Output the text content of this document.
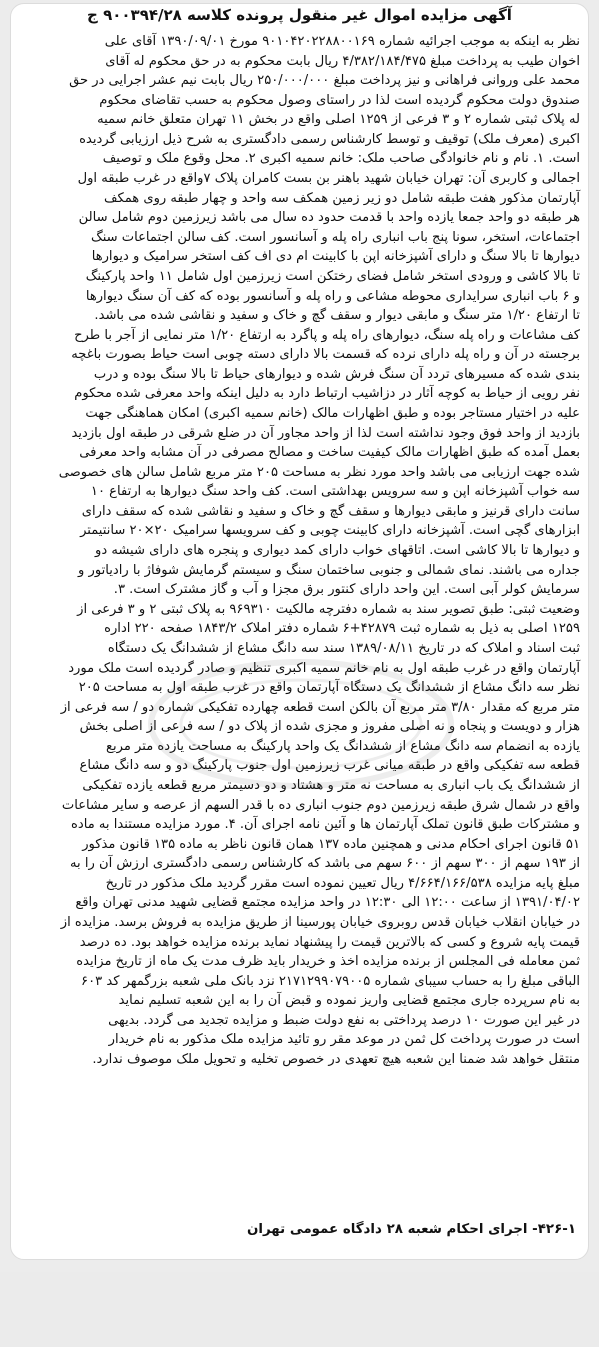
آگهی مزایده اموال غیر منقول پرونده کلاسه ۹۰۰۳۹۴/۲۸ ج
نظر به اینکه به موجب اجرائیه شماره ۹۰۱۰۴۲۰۲۲۸۸۰۰۱۶۹ مورخ ۱۳۹۰/۰۹/۰۱ آقای علی
اخوان طیب به پرداخت مبلغ ۴/۳۸۲/۱۸۴/۴۷۵ ریال بابت محکوم به در حق محکوم له آقای
محمد علی وروانی فراهانی و نیز پرداخت مبلغ ۲۵۰/۰۰۰/۰۰۰ ریال بابت نیم عشر اجرایی در حق
صندوق دولت محکوم گردیده است لذا در راستای وصول محکوم به حسب تقاضای محکوم
له پلاک ثبتی شماره ۲ و ۳ فرعی از ۱۲۵۹ اصلی واقع در بخش ۱۱ تهران متعلق خانم سمیه
اکبری (معرف ملک) توقیف و توسط کارشناس رسمی دادگستری به شرح ذیل ارزیابی گردیده
است. ۱. نام و نام خانوادگی صاحب ملک: خانم سمیه اکبری ۲. محل وقوع ملک و توصیف
اجمالی و کاربری آن: تهران خیابان شهید باهنر بن بست کامران پلاک ۷واقع در غرب طبقه اول
آپارتمان مذکور هفت طبقه شامل دو زیر زمین همکف سه واحد و چهار طبقه روی همکف
هر طبقه دو واحد جمعا یازده واحد با قدمت حدود ده سال می باشد زیرزمین دوم شامل سالن
اجتماعات، استخر، سونا پنج باب انباری راه پله و آسانسور است. کف سالن اجتماعات سنگ
دیوارها تا بالا سنگ و دارای آشپزخانه اپن با کابینت ام دی اف کف استخر سرامیک و دیوارها
تا بالا کاشی و ورودی استخر شامل فضای رختکن است زیرزمین اول شامل ۱۱ واحد پارکینگ
و ۶ باب انباری سرایداری محوطه مشاعی و راه پله و آسانسور بوده که کف آن سنگ دیوارها
تا ارتفاع ۱/۲۰ متر سنگ و مابقی دیوار و سقف گچ و خاک و سفید و نقاشی شده می باشد.
کف مشاعات و راه پله سنگ، دیوارهای راه پله و پاگرد به ارتفاع ۱/۲۰ متر نمایی از آجر با طرح
برجسته در آن و راه پله دارای نرده که قسمت بالا دارای دسته چوبی است حیاط بصورت باغچه
بندی شده که مسیرهای تردد آن سنگ فرش شده و دیوارهای حیاط تا بالا سنگ بوده و درب
نفر رویی از حیاط به کوچه آثار در دزاشیب ارتباط دارد به دلیل اینکه واحد معرفی شده محکوم
علیه در اختیار مستاجر بوده و طبق اظهارات مالک (خانم سمیه اکبری) امکان هماهنگی جهت
بازدید از واحد فوق وجود نداشته است لذا از واحد مجاور آن در ضلع شرقی در طبقه اول بازدید
بعمل آمده که طبق اظهارات مالک کیفیت ساخت و مصالح مصرفی در آن مشابه واحد معرفی
شده جهت ارزیابی می باشد واحد مورد نظر به مساحت ۲۰۵ متر مربع شامل سالن های خصوصی
سه خواب آشپزخانه اپن و سه سرویس بهداشتی است. کف واحد سنگ دیوارها به ارتفاع ۱۰
سانت دارای قرنیز و مابقی دیوارها و سقف گچ و خاک و سفید و نقاشی شده که سقف دارای
ابزارهای گچی است. آشپزخانه دارای کابینت چوبی و کف سرویسها سرامیک ۲۰×۲۰ سانتیمتر
و دیوارها تا بالا کاشی است. اتاقهای خواب دارای کمد دیواری و پنجره های دارای شیشه دو
جداره می باشند. نمای شمالی و جنوبی ساختمان سنگ و سیستم گرمایش شوفاژ با رادیاتور و
سرمایش کولر آبی است. این واحد دارای کنتور برق مجزا و آب و گاز مشترک است. ۳.
وضعیت ثبتی: طبق تصویر سند به شماره دفترچه مالکیت ۹۶۹۳۱۰ به پلاک ثبتی ۲ و ۳ فرعی از
۱۲۵۹ اصلی به ذیل به شماره ثبت ۴۲۸۷۹+۶ شماره دفتر املاک ۱۸۴۳/۲ صفحه ۲۲۰ اداره
ثبت اسناد و املاک که در تاریخ ۱۳۸۹/۰۸/۱۱ سند سه دانگ مشاع از ششدانگ یک دستگاه
آپارتمان واقع در غرب طبقه اول به نام خانم سمیه اکبری تنظیم و صادر گردیده است ملک مورد
نظر سه دانگ مشاع از ششدانگ یک دستگاه آپارتمان واقع در غرب طبقه اول به مساحت ۲۰۵
متر مربع که مقدار ۳/۸۰ متر مربع آن بالکن است قطعه چهارده تفکیکی شماره دو / سه فرعی از
هزار و دویست و پنجاه و نه اصلی مفروز و مجزی شده از پلاک دو / سه فرعی از اصلی بخش
یازده به انضمام سه دانگ مشاع از ششدانگ یک واحد پارکینگ به مساحت یازده متر مربع
قطعه سه تفکیکی واقع در طبقه میانی غرب زیرزمین اول جنوب پارکینگ دو و سه دانگ مشاع
از ششدانگ یک باب انباری به مساحت نه متر و هشتاد و دو دسیمتر مربع قطعه یازده تفکیکی
واقع در شمال شرق طبقه زیرزمین دوم جنوب انباری ده با قدر السهم از عرصه و سایر مشاعات
و مشترکات طبق قانون تملک آپارتمان ها و آئین نامه اجرای آن. ۴. مورد مزایده مستندا به ماده
۵۱ قانون اجرای احکام مدنی و همچنین ماده ۱۳۷ همان قانون ناظر به ماده ۱۳۵ قانون مذکور
از ۱۹۳ سهم از ۳۰۰ سهم از ۶۰۰ سهم می باشد که کارشناس رسمی دادگستری ارزش آن را به
مبلغ پایه مزایده ۴/۶۶۴/۱۶۶/۵۳۸ ریال تعیین نموده است مقرر گردید ملک مذکور در تاریخ
۱۳۹۱/۰۴/۰۲ از ساعت ۱۲:۰۰ الی ۱۲:۳۰ در واحد مزایده مجتمع قضایی شهید مدنی تهران واقع
در خیابان انقلاب خیابان قدس روبروی خیابان پورسینا از طریق مزایده به فروش برسد. مزایده از
قیمت پایه شروع و کسی که بالاترین قیمت را پیشنهاد نماید برنده مزایده خواهد بود. ده درصد
ثمن معامله فی المجلس از برنده مزایده اخذ و خریدار باید ظرف مدت یک ماه از تاریخ مزایده
الباقی مبلغ را به حساب سیبای شماره ۲۱۷۱۲۹۹۰۷۹۰۰۵ نزد بانک ملی شعبه بزرگمهر کد ۶۰۳
به نام سرپرده جاری مجتمع قضایی واریز نموده و قبض آن را به این شعبه تسلیم نماید
در غیر این صورت ۱۰ درصد پرداختی به نفع دولت ضبط و مزایده تجدید می گردد. بدیهی
است در صورت پرداخت کل ثمن در موعد مقر رو تائید مزایده ملک مذکور به نام خریدار
منتقل خواهد شد ضمنا این شعبه هیچ تعهدی در خصوص تخلیه و تحویل ملک موصوف ندارد.
۴۲۶-۱- اجرای احکام شعبه ۲۸ دادگاه عمومی تهران
